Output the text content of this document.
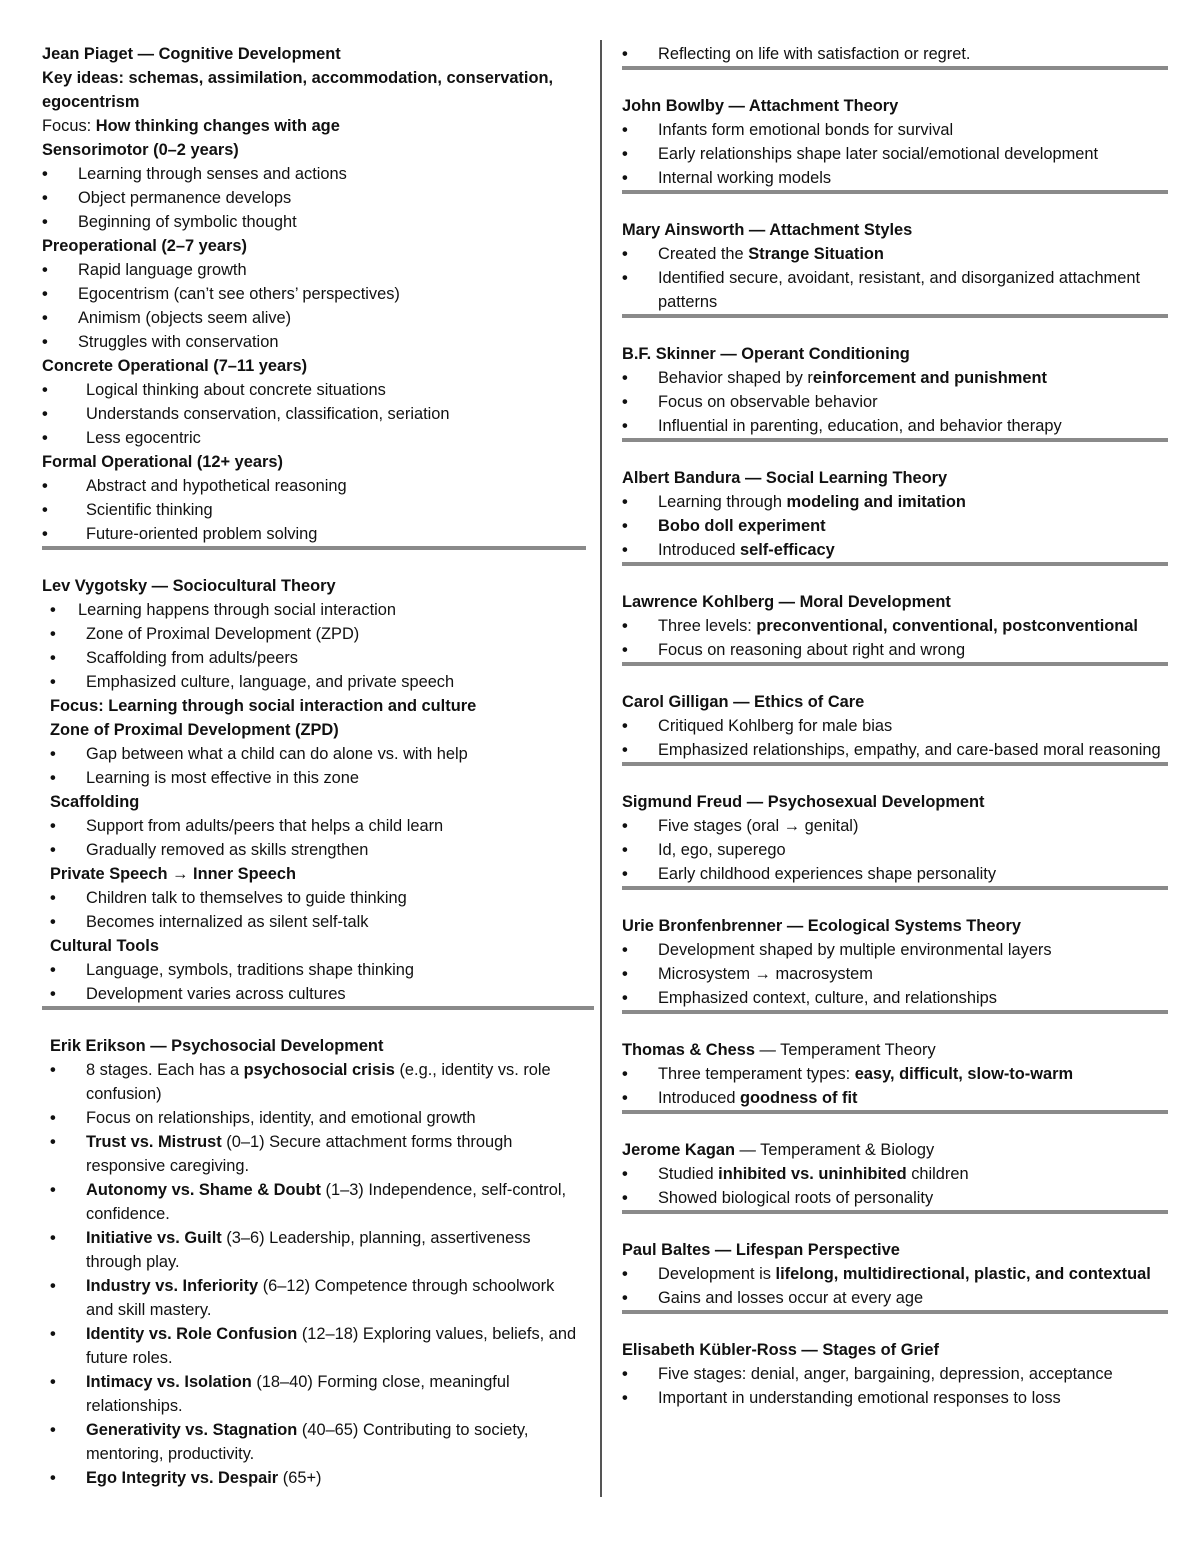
Jean Piaget — Cognitive Development
Key ideas: schemas, assimilation, accommodation, conservation, egocentrism
Focus: How thinking changes with age
Sensorimotor (0–2 years)
• Learning through senses and actions
• Object permanence develops
• Beginning of symbolic thought
Preoperational (2–7 years)
• Rapid language growth
• Egocentrism (can’t see others’ perspectives)
• Animism (objects seem alive)
• Struggles with conservation
Concrete Operational (7–11 years)
• Logical thinking about concrete situations
• Understands conservation, classification, seriation
• Less egocentric
Formal Operational (12+ years)
• Abstract and hypothetical reasoning
• Scientific thinking
• Future-oriented problem solving
Lev Vygotsky — Sociocultural Theory
• Learning happens through social interaction
• Zone of Proximal Development (ZPD)
• Scaffolding from adults/peers
• Emphasized culture, language, and private speech
Focus: Learning through social interaction and culture
Zone of Proximal Development (ZPD)
• Gap between what a child can do alone vs. with help
• Learning is most effective in this zone
Scaffolding
• Support from adults/peers that helps a child learn
• Gradually removed as skills strengthen
Private Speech → Inner Speech
• Children talk to themselves to guide thinking
• Becomes internalized as silent self-talk
Cultural Tools
• Language, symbols, traditions shape thinking
• Development varies across cultures
Erik Erikson — Psychosocial Development
• 8 stages. Each has a psychosocial crisis (e.g., identity vs. role confusion)
• Focus on relationships, identity, and emotional growth
• Trust vs. Mistrust (0–1) Secure attachment forms through responsive caregiving.
• Autonomy vs. Shame & Doubt (1–3) Independence, self-control, confidence.
• Initiative vs. Guilt (3–6) Leadership, planning, assertiveness through play.
• Industry vs. Inferiority (6–12) Competence through schoolwork and skill mastery.
• Identity vs. Role Confusion (12–18) Exploring values, beliefs, and future roles.
• Intimacy vs. Isolation (18–40) Forming close, meaningful relationships.
• Generativity vs. Stagnation (40–65) Contributing to society, mentoring, productivity.
• Ego Integrity vs. Despair (65+)
• Reflecting on life with satisfaction or regret.
John Bowlby — Attachment Theory
• Infants form emotional bonds for survival
• Early relationships shape later social/emotional development
• Internal working models
Mary Ainsworth — Attachment Styles
• Created the Strange Situation
• Identified secure, avoidant, resistant, and disorganized attachment patterns
B.F. Skinner — Operant Conditioning
• Behavior shaped by reinforcement and punishment
• Focus on observable behavior
• Influential in parenting, education, and behavior therapy
Albert Bandura — Social Learning Theory
• Learning through modeling and imitation
• Bobo doll experiment
• Introduced self-efficacy
Lawrence Kohlberg — Moral Development
• Three levels: preconventional, conventional, postconventional
• Focus on reasoning about right and wrong
Carol Gilligan — Ethics of Care
• Critiqued Kohlberg for male bias
• Emphasized relationships, empathy, and care-based moral reasoning
Sigmund Freud — Psychosexual Development
• Five stages (oral → genital)
• Id, ego, superego
• Early childhood experiences shape personality
Urie Bronfenbrenner — Ecological Systems Theory
• Development shaped by multiple environmental layers
• Microsystem → macrosystem
• Emphasized context, culture, and relationships
Thomas & Chess — Temperament Theory
• Three temperament types: easy, difficult, slow-to-warm
• Introduced goodness of fit
Jerome Kagan — Temperament & Biology
• Studied inhibited vs. uninhibited children
• Showed biological roots of personality
Paul Baltes — Lifespan Perspective
• Development is lifelong, multidirectional, plastic, and contextual
• Gains and losses occur at every age
Elisabeth Kübler-Ross — Stages of Grief
• Five stages: denial, anger, bargaining, depression, acceptance
• Important in understanding emotional responses to loss
